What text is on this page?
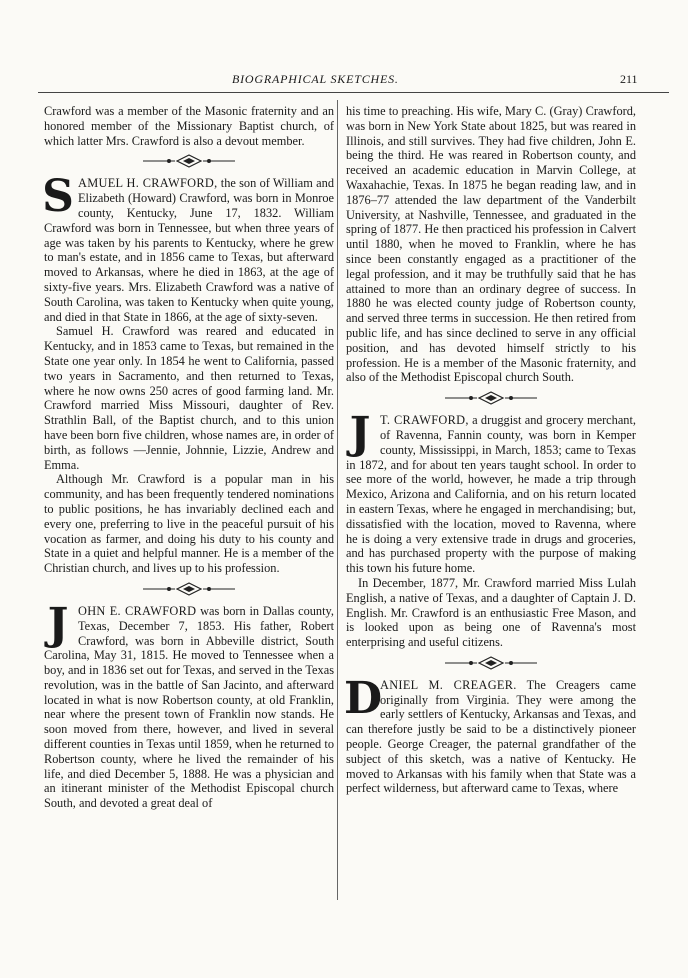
BIOGRAPHICAL SKETCHES.	211

Crawford was a member of the Masonic fraternity and an honored member of the Missionary Baptist church, of which latter Mrs. Crawford is also a devout member.

SAMUEL H. CRAWFORD, the son of William and Elizabeth (Howard) Crawford, was born in Monroe county, Kentucky, June 17, 1832. William Crawford was born in Tennessee, but when three years of age was taken by his parents to Kentucky, where he grew to man's estate, and in 1856 came to Texas, but afterward moved to Arkansas, where he died in 1863, at the age of sixty-five years. Mrs. Elizabeth Crawford was a native of South Carolina, was taken to Kentucky when quite young, and died in that State in 1866, at the age of sixty-seven.

Samuel H. Crawford was reared and educated in Kentucky, and in 1853 came to Texas, but remained in the State one year only. In 1854 he went to California, passed two years in Sacramento, and then returned to Texas, where he now owns 250 acres of good farming land. Mr. Crawford married Miss Missouri, daughter of Rev. Strathlin Ball, of the Baptist church, and to this union have been born five children, whose names are, in order of birth, as follows —Jennie, Johnnie, Lizzie, Andrew and Emma.

Although Mr. Crawford is a popular man in his community, and has been frequently tendered nominations to public positions, he has invariably declined each and every one, preferring to live in the peaceful pursuit of his vocation as farmer, and doing his duty to his county and State in a quiet and helpful manner. He is a member of the Christian church, and lives up to his profession.

JOHN E. CRAWFORD was born in Dallas county, Texas, December 7, 1853. His father, Robert Crawford, was born in Abbeville district, South Carolina, May 31, 1815. He moved to Tennessee when a boy, and in 1836 set out for Texas, and served in the Texas revolution, was in the battle of San Jacinto, and afterward located in what is now Robertson county, at old Franklin, near where the present town of Franklin now stands. He soon moved from there, however, and lived in several different counties in Texas until 1859, when he returned to Robertson county, where he lived the remainder of his life, and died December 5, 1888. He was a physician and an itinerant minister of the Methodist Episcopal church South, and devoted a great deal of

his time to preaching. His wife, Mary C. (Gray) Crawford, was born in New York State about 1825, but was reared in Illinois, and still survives. They had five children, John E. being the third. He was reared in Robertson county, and received an academic education in Marvin College, at Waxahachie, Texas. In 1875 he began reading law, and in 1876–77 attended the law department of the Vanderbilt University, at Nashville, Tennessee, and graduated in the spring of 1877. He then practiced his profession in Calvert until 1880, when he moved to Franklin, where he has since been constantly engaged as a practitioner of the legal profession, and it may be truthfully said that he has attained to more than an ordinary degree of success. In 1880 he was elected county judge of Robertson county, and served three terms in succession. He then retired from public life, and has since declined to serve in any official position, and has devoted himself strictly to his profession. He is a member of the Masonic fraternity, and also of the Methodist Episcopal church South.

J T. CRAWFORD, a druggist and grocery merchant, of Ravenna, Fannin county, was born in Kemper county, Mississippi, in March, 1853; came to Texas in 1872, and for about ten years taught school. In order to see more of the world, however, he made a trip through Mexico, Arizona and California, and on his return located in eastern Texas, where he engaged in merchandising; but, dissatisfied with the location, moved to Ravenna, where he is doing a very extensive trade in drugs and groceries, and has purchased property with the purpose of making this town his future home.

In December, 1877, Mr. Crawford married Miss Lulah English, a native of Texas, and a daughter of Captain J. D. English. Mr. Crawford is an enthusiastic Free Mason, and is looked upon as being one of Ravenna's most enterprising and useful citizens.

D
ANIEL M. CREAGER. The Creagers came originally from Virginia. They were among the early settlers of Kentucky, Arkansas and Texas, and can therefore justly be said to be a distinctively pioneer people. George Creager, the paternal grandfather of the subject of this sketch, was a native of Kentucky. He moved to Arkansas with his family when that State was a perfect wilderness, but afterward came to Texas, where
